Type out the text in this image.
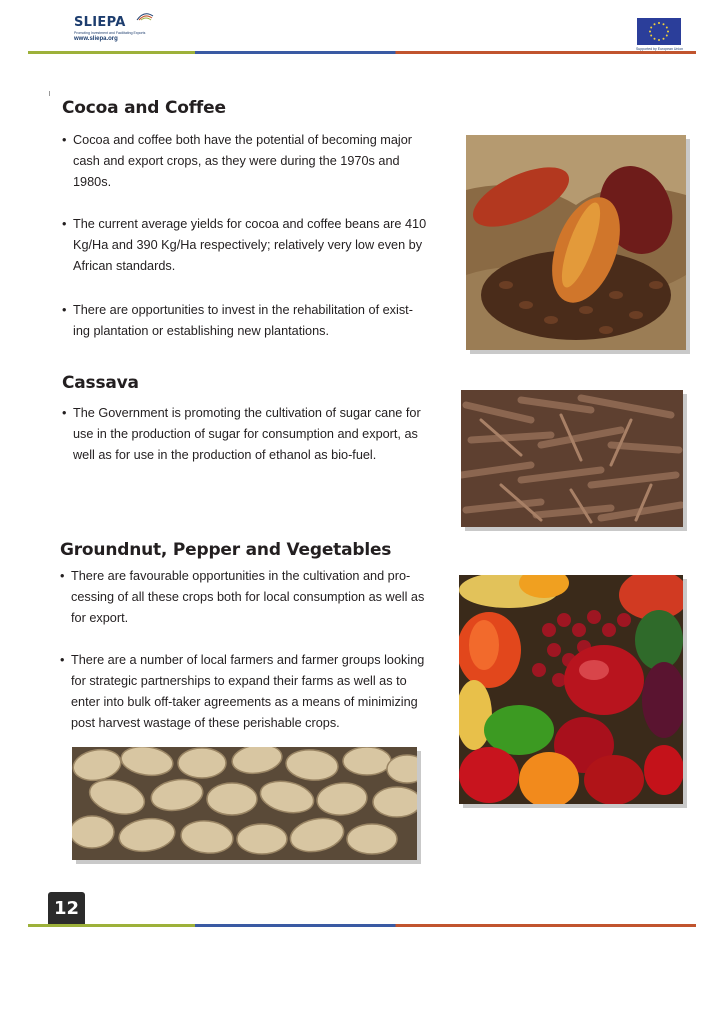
SLIEPA
Promoting Investment and Facilitating Exports
www.sliepa.org
Supported by European Union
Cocoa and Coffee
• Cocoa and coffee both have the potential of becoming major
cash and export crops, as they were during the 1970s and
1980s.
• The current average yields for cocoa and coffee beans are 410
Kg/Ha and 390 Kg/Ha respectively; relatively very low even by
African standards.
• There are opportunities to invest in the rehabilitation of exist-
ing plantation or establishing new plantations.
Cassava
• The Government is promoting the cultivation of sugar cane for
use in the production of sugar for consumption and export, as
well as for use in the production of ethanol as bio-fuel.
Groundnut, Pepper and Vegetables
• There are favourable opportunities in the cultivation and pro-
cessing of all these crops both for local consumption as well as
for export.
• There are a number of local farmers and farmer groups looking
for strategic partnerships to expand their farms as well as to
enter into bulk off-taker agreements as a means of minimizing
post harvest wastage of these perishable crops.
12
